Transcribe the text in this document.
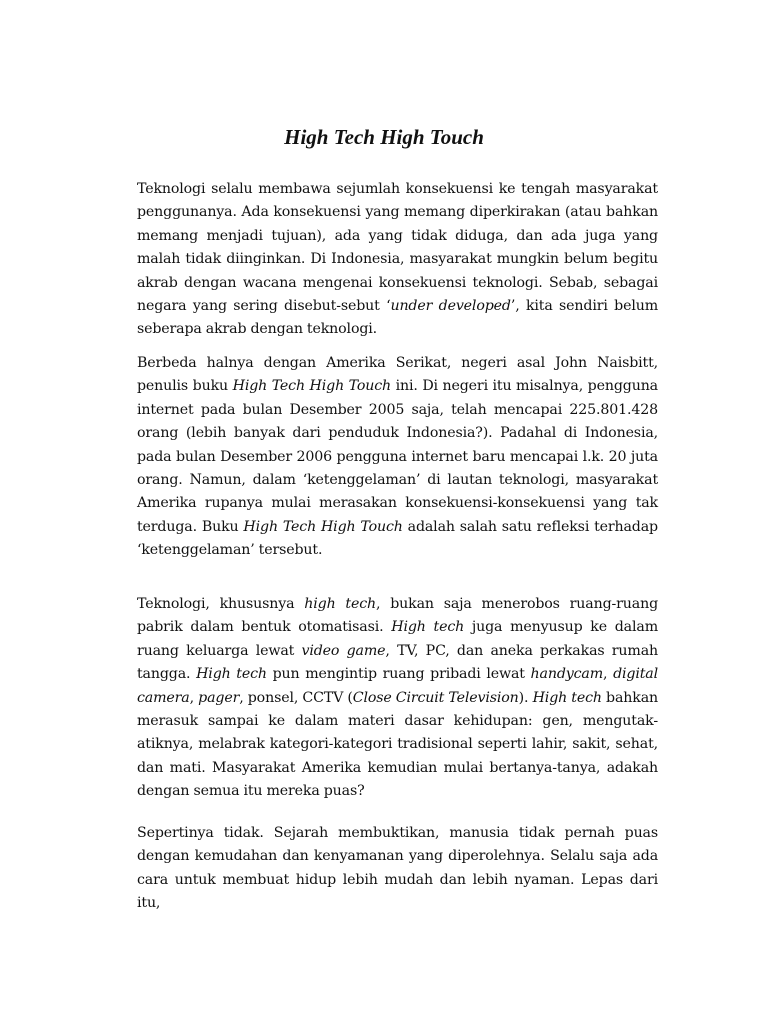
High Tech High Touch

Teknologi selalu membawa sejumlah konsekuensi ke tengah masyarakat penggunanya. Ada konsekuensi yang memang diperkirakan (atau bahkan memang menjadi tujuan), ada yang tidak diduga, dan ada juga yang malah tidak diinginkan. Di Indonesia, masyarakat mungkin belum begitu akrab dengan wacana mengenai konsekuensi teknologi. Sebab, sebagai negara yang sering disebut-sebut ‘under developed’, kita sendiri belum seberapa akrab dengan teknologi.

Berbeda halnya dengan Amerika Serikat, negeri asal John Naisbitt, penulis buku High Tech High Touch ini. Di negeri itu misalnya, pengguna internet pada bulan Desember 2005 saja, telah mencapai 225.801.428 orang (lebih banyak dari penduduk Indonesia?). Padahal di Indonesia, pada bulan Desember 2006 pengguna internet baru mencapai l.k. 20 juta orang. Namun, dalam ‘ketenggelaman’ di lautan teknologi, masyarakat Amerika rupanya mulai merasakan konsekuensi-konsekuensi yang tak terduga. Buku High Tech High Touch adalah salah satu refleksi terhadap ‘ketenggelaman’ tersebut.

Teknologi, khususnya high tech, bukan saja menerobos ruang-ruang pabrik dalam bentuk otomatisasi. High tech juga menyusup ke dalam ruang keluarga lewat video game, TV, PC, dan aneka perkakas rumah tangga. High tech pun mengintip ruang pribadi lewat handycam, digital camera, pager, ponsel, CCTV (Close Circuit Television). High tech bahkan merasuk sampai ke dalam materi dasar kehidupan: gen, mengutak-atiknya, melabrak kategori-kategori tradisional seperti lahir, sakit, sehat, dan mati. Masyarakat Amerika kemudian mulai bertanya-tanya, adakah dengan semua itu mereka puas?

Sepertinya tidak. Sejarah membuktikan, manusia tidak pernah puas dengan kemudahan dan kenyamanan yang diperolehnya. Selalu saja ada cara untuk membuat hidup lebih mudah dan lebih nyaman. Lepas dari itu,
